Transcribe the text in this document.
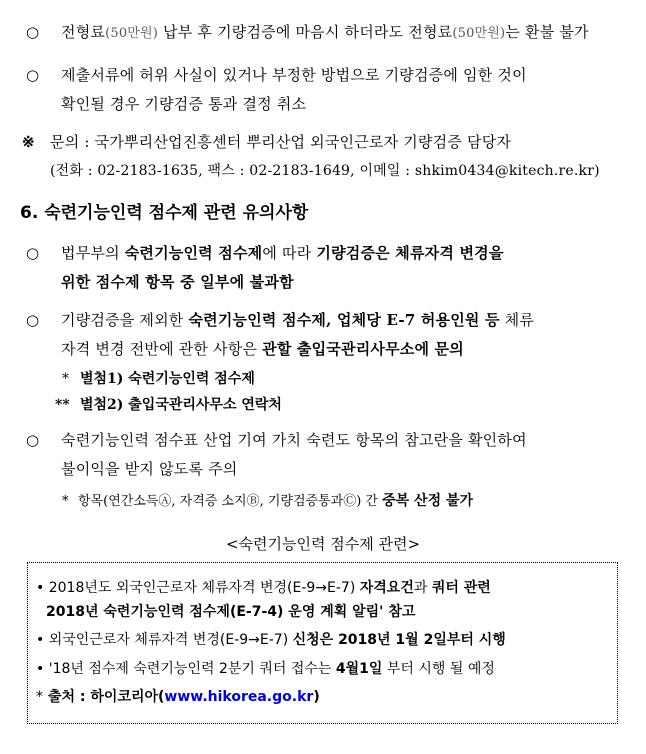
○	전형료(50만원) 납부 후 기량검증에 마음시 하더라도 전형료(50만원)는 환불 불가
○	제출서류에 허위 사실이 있거나 부정한 방법으로 기량검증에 임한 것이
확인될 경우 기량검증 통과 결정 취소
※	문의 : 국가뿌리산업진흥센터 뿌리산업 외국인근로자 기량검증 담당자
(전화 : 02-2183-1635, 팩스 : 02-2183-1649, 이메일 : shkim0434@kitech.re.kr)
6. 숙련기능인력 점수제 관련 유의사항
○	법무부의 숙련기능인력 점수제에 따라 기량검증은 체류자격 변경을
위한 점수제 항목 중 일부에 불과함
○	기량검증을 제외한 숙련기능인력 점수제, 업체당 E-7 허용인원 등 체류
자격 변경 전반에 관한 사항은 관할 출입국관리사무소에 문의
* 별첨1) 숙련기능인력 점수제
** 별첨2) 출입국관리사무소 연락처
○	숙련기능인력 점수표 산업 기여 가치 숙련도 항목의 참고란을 확인하여
불이익을 받지 않도록 주의
* 항목(연간소득Ⓐ, 자격증 소지Ⓑ, 기량검증통과Ⓒ) 간 중복 산정 불가
<숙련기능인력 점수제 관련>
• 2018년도 외국인근로자 체류자격 변경(E-9→E-7) 자격요건과 쿼터 관련
2018년 숙련기능인력 점수제(E-7-4) 운영 계획 알림' 참고
• 외국인근로자 체류자격 변경(E-9→E-7) 신청은 2018년 1월 2일부터 시행
• '18년 점수제 숙련기능인력 2분기 쿼터 접수는 4월1일 부터 시행 될 예정
* 출처 : 하이코리아(www.hikorea.go.kr)
